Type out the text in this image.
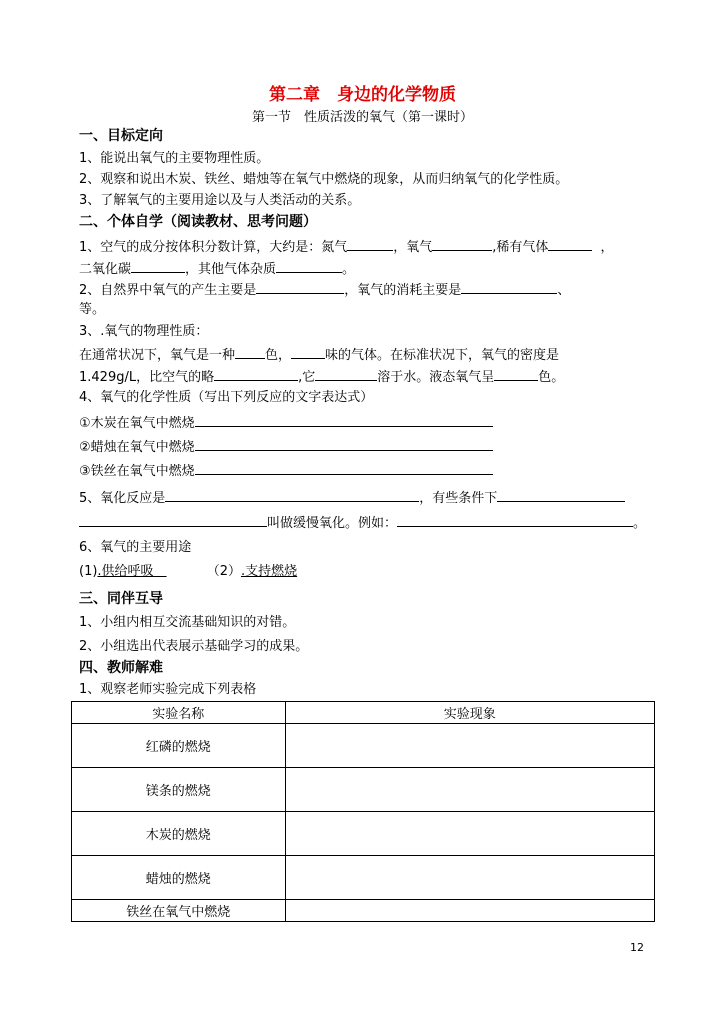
第二章　身边的化学物质
第一节　性质活泼的氧气（第一课时）
一、目标定向
1、能说出氧气的主要物理性质。
2、观察和说出木炭、铁丝、蜡烛等在氧气中燃烧的现象，从而归纳氧气的化学性质。
3、了解氧气的主要用途以及与人类活动的关系。
二、个体自学（阅读教材、思考问题）
1、空气的成分按体积分数计算，大约是：氮气	，氧气	,稀有气体	，
二氧化碳	，其他气体杂质	。
2、自然界中氧气的产生主要是	，氧气的消耗主要是	、
等。
3、.氧气的物理性质：
在通常状况下，氧气是一种 色，	味的气体。在标准状况下，氧气的密度是
1.429g/L，比空气的略	,它	溶于水。液态氧气呈	色。
4、氧气的化学性质（写出下列反应的文字表达式）
①木炭在氧气中燃烧
②蜡烛在氧气中燃烧
③铁丝在氧气中燃烧
5、氧化反应是	，有些条件下
叫做缓慢氧化。例如：	。
6、氧气的主要用途
(1).供给呼吸  	（2）.支持燃烧
三、同伴互导
1、小组内相互交流基础知识的对错。
2、小组选出代表展示基础学习的成果。
四、教师解难
1、观察老师实验完成下列表格
实验名称	实验现象
红磷的燃烧	
镁条的燃烧	
木炭的燃烧	
蜡烛的燃烧	
铁丝在氧气中燃烧	
12
